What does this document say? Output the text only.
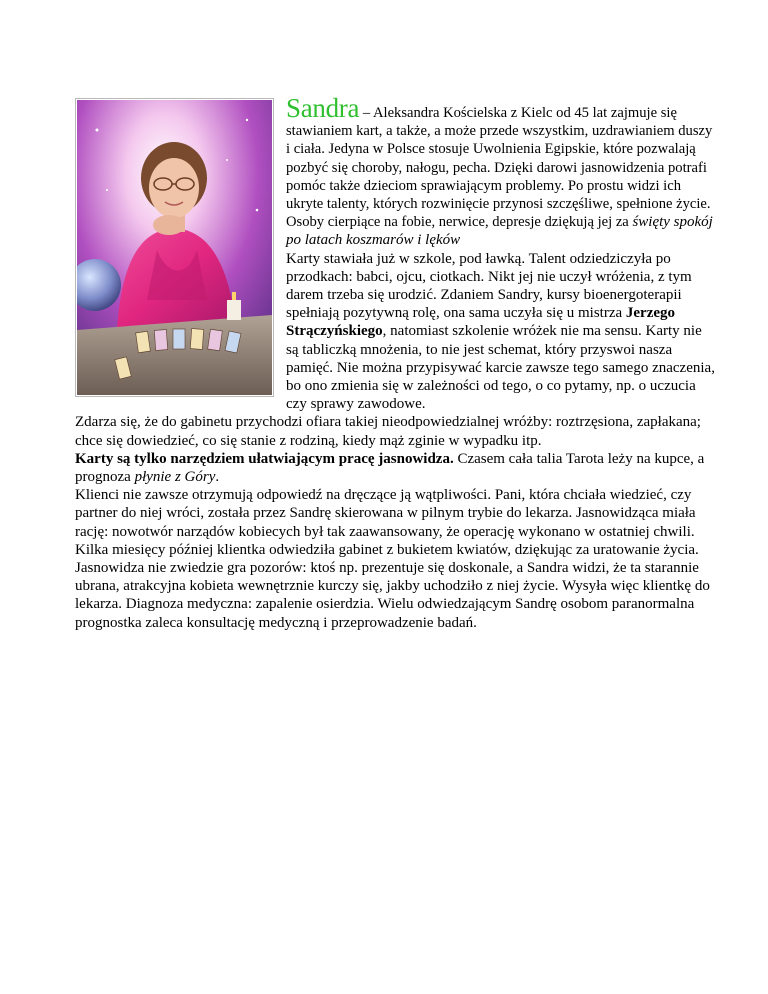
Sandra – Aleksandra Kościelska z Kielc od 45 lat zajmuje się stawianiem kart, a także, a może przede wszystkim, uzdrawianiem duszy i ciała. Jedyna w Polsce stosuje Uwolnienia Egipskie, które pozwalają pozbyć się choroby, nałogu, pecha. Dzięki darowi jasnowidzenia potrafi pomóc także dzieciom sprawiającym problemy. Po prostu widzi ich ukryte talenty, których rozwinięcie przynosi szczęśliwe, spełnione życie. Osoby cierpiące na fobie, nerwice, depresje dziękują jej za święty spokój po latach koszmarów i lęków

Karty stawiała już w szkole, pod ławką. Talent odziedziczyła po przodkach: babci, ojcu, ciotkach. Nikt jej nie uczył wróżenia, z tym darem trzeba się urodzić. Zdaniem Sandry, kursy bioenergoterapii spełniają pozytywną rolę, ona sama uczyła się u mistrza Jerzego Strączyńskiego, natomiast szkolenie wróżek nie ma sensu. Karty nie są tabliczką mnożenia, to nie jest schemat, który przyswoi nasza pamięć. Nie można przypisywać karcie zawsze tego samego znaczenia, bo ono zmienia się w zależności od tego, o co pytamy, np. o uczucia czy sprawy zawodowe.

Zdarza się, że do gabinetu przychodzi ofiara takiej nieodpowiedzialnej wróżby: roztrzęsiona, zapłakana; chce się dowiedzieć, co się stanie z rodziną, kiedy mąż zginie w wypadku itp.

Karty są tylko narzędziem ułatwiającym pracę jasnowidza. Czasem cała talia Tarota leży na kupce, a prognoza płynie z Góry.

Klienci nie zawsze otrzymują odpowiedź na dręczące ją wątpliwości. Pani, która chciała wiedzieć, czy partner do niej wróci, została przez Sandrę skierowana w pilnym trybie do lekarza. Jasnowidząca miała rację: nowotwór narządów kobiecych był tak zaawansowany, że operację wykonano w ostatniej chwili. Kilka miesięcy później klientka odwiedziła gabinet z bukietem kwiatów, dziękując za uratowanie życia.

Jasnowidza nie zwiedzie gra pozorów: ktoś np. prezentuje się doskonale, a Sandra widzi, że ta starannie ubrana, atrakcyjna kobieta wewnętrznie kurczy się, jakby uchodziło z niej życie. Wysyła więc klientkę do lekarza. Diagnoza medyczna: zapalenie osierdzia. Wielu odwiedzającym Sandrę osobom paranormalna prognostka zaleca konsultację medyczną i przeprowadzenie badań.
